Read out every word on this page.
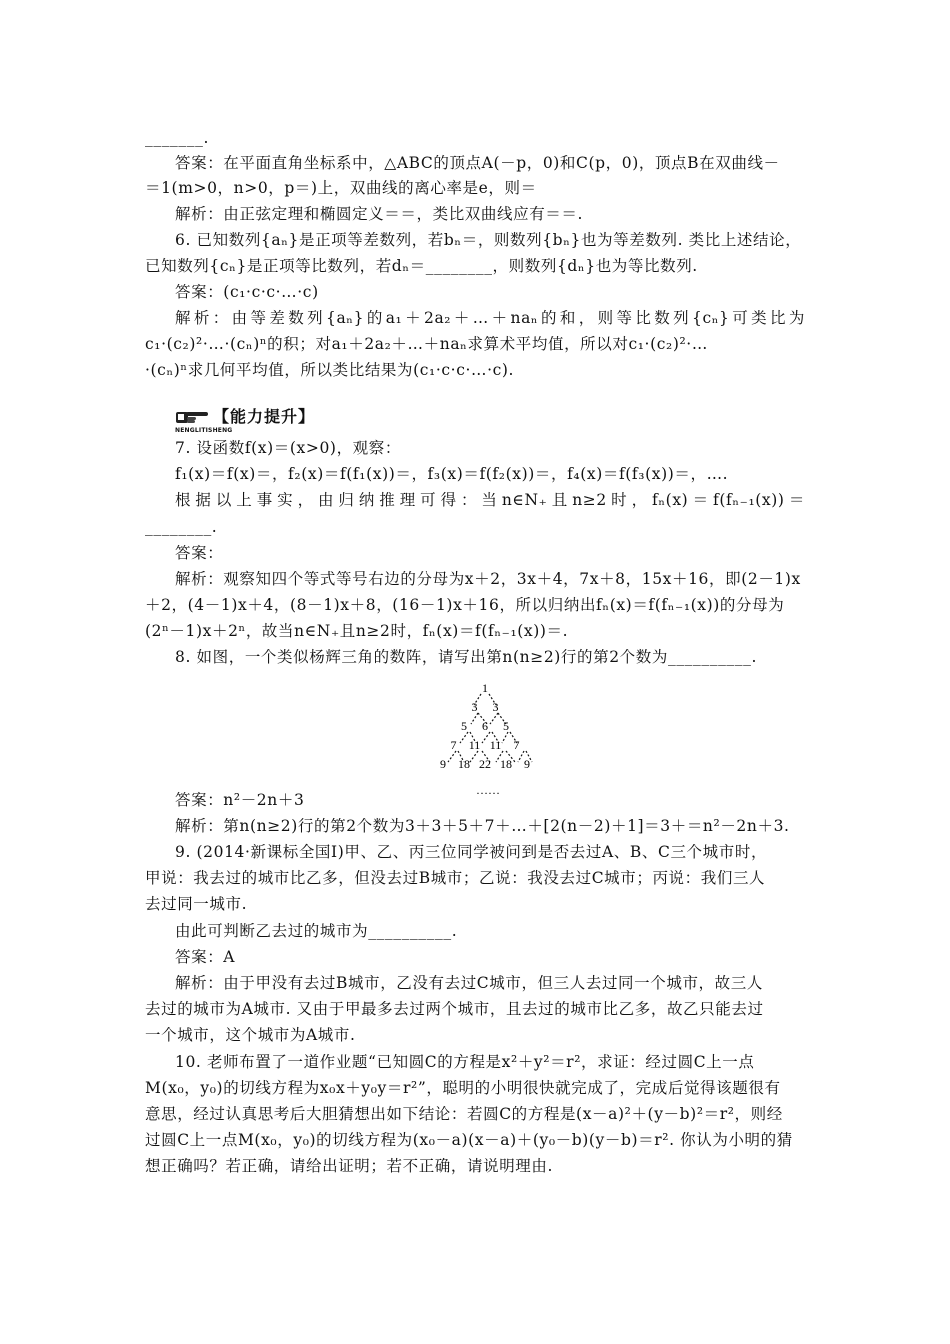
_______.
答案：在平面直角坐标系中，△ABC的顶点A(－p，0)和C(p，0)，顶点B在双曲线－
＝1(m>0，n>0，p＝)上，双曲线的离心率是e，则＝
解析：由正弦定理和椭圆定义＝＝，类比双曲线应有＝＝.
6. 已知数列{aₙ}是正项等差数列，若bₙ＝，则数列{bₙ}也为等差数列. 类比上述结论，
已知数列{cₙ}是正项等比数列，若dₙ＝________，则数列{dₙ}也为等比数列.
答案：(c₁·c·c·…·c)
解析：由等差数列{aₙ}的a₁＋2a₂＋…＋naₙ的和，则等比数列{cₙ}可类比为
c₁·(c₂)²·…·(cₙ)ⁿ的积；对a₁＋2a₂＋…＋naₙ求算术平均值，所以对c₁·(c₂)²·…
·(cₙ)ⁿ求几何平均值，所以类比结果为(c₁·c·c·…·c).
【能力提升】
NENGLITISHENG
7. 设函数f(x)＝(x>0)，观察：
f₁(x)＝f(x)＝，f₂(x)＝f(f₁(x))＝，f₃(x)＝f(f₂(x))＝，f₄(x)＝f(f₃(x))＝，….
根据以上事实，由归纳推理可得：当n∈N₊且n≥2时，fₙ(x)＝f(fₙ₋₁(x))＝
________.
答案：
解析：观察知四个等式等号右边的分母为x＋2，3x＋4，7x＋8，15x＋16，即(2－1)x
＋2，(4－1)x＋4，(8－1)x＋8，(16－1)x＋16，所以归纳出fₙ(x)＝f(fₙ₋₁(x))的分母为
(2ⁿ－1)x＋2ⁿ，故当n∈N₊且n≥2时，fₙ(x)＝f(fₙ₋₁(x))＝.
8. 如图，一个类似杨辉三角的数阵，请写出第n(n≥2)行的第2个数为__________.
1
3 3
5 6 5
7 11 11 7
9 18 22 18 9
……
答案：n²－2n＋3
解析：第n(n≥2)行的第2个数为3＋3＋5＋7＋…＋[2(n－2)＋1]＝3＋＝n²－2n＋3.
9. (2014·新课标全国Ⅰ)甲、乙、丙三位同学被问到是否去过A、B、C三个城市时，
甲说：我去过的城市比乙多，但没去过B城市；乙说：我没去过C城市；丙说：我们三人
去过同一城市.
由此可判断乙去过的城市为__________.
答案：A
解析：由于甲没有去过B城市，乙没有去过C城市，但三人去过同一个城市，故三人
去过的城市为A城市. 又由于甲最多去过两个城市，且去过的城市比乙多，故乙只能去过
一个城市，这个城市为A城市.
10. 老师布置了一道作业题“已知圆C的方程是x²＋y²＝r²，求证：经过圆C上一点
M(x₀，y₀)的切线方程为x₀x＋y₀y＝r²”，聪明的小明很快就完成了，完成后觉得该题很有
意思，经过认真思考后大胆猜想出如下结论：若圆C的方程是(x－a)²＋(y－b)²＝r²，则经
过圆C上一点M(x₀，y₀)的切线方程为(x₀－a)(x－a)＋(y₀－b)(y－b)＝r². 你认为小明的猜
想正确吗？若正确，请给出证明；若不正确，请说明理由.
